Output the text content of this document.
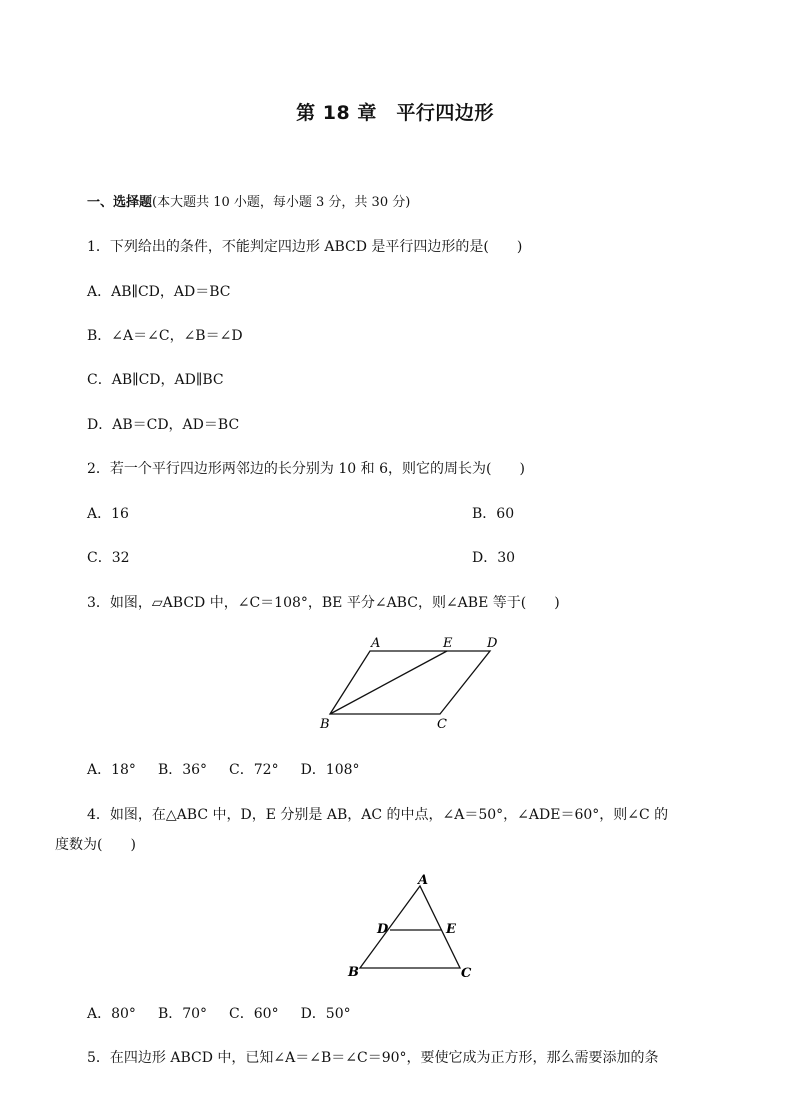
第 18 章　平行四边形
一、选择题(本大题共 10 小题，每小题 3 分，共 30 分)
1．下列给出的条件，不能判定四边形 ABCD 是平行四边形的是(　　)
A．AB∥CD，AD＝BC
B．∠A＝∠C，∠B＝∠D
C．AB∥CD，AD∥BC
D．AB＝CD，AD＝BC
2．若一个平行四边形两邻边的长分别为 10 和 6，则它的周长为(　　)
A．16	B．60
C．32	D．30
3．如图，▱ABCD 中，∠C＝108°，BE 平分∠ABC，则∠ABE 等于(　　)
A	E	D
B	C
A．18° B．36° C．72° D．108°
4．如图，在△ABC 中，D，E 分别是 AB，AC 的中点，∠A＝50°，∠ADE＝60°，则∠C 的
度数为(　　)
A
D	E
B	C
A．80° B．70° C．60° D．50°
5．在四边形 ABCD 中，已知∠A＝∠B＝∠C＝90°，要使它成为正方形，那么需要添加的条
